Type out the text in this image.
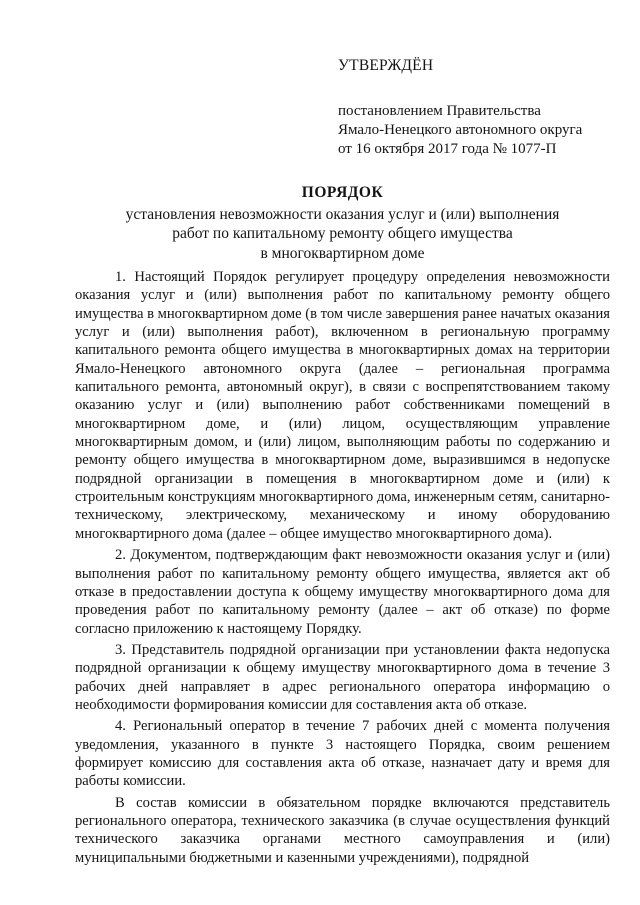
УТВЕРЖДЁН
постановлением Правительства
Ямало-Ненецкого автономного округа
от 16 октября 2017 года № 1077-П
ПОРЯДОК
установления невозможности оказания услуг и (или) выполнения
работ по капитальному ремонту общего имущества
в многоквартирном доме

1. Настоящий Порядок регулирует процедуру определения невозможности оказания услуг и (или) выполнения работ по капитальному ремонту общего имущества в многоквартирном доме (в том числе завершения ранее начатых оказания услуг и (или) выполнения работ), включенном в региональную программу капитального ремонта общего имущества в многоквартирных домах на территории Ямало-Ненецкого автономного округа (далее – региональная программа капитального ремонта, автономный округ), в связи с воспрепятствованием такому оказанию услуг и (или) выполнению работ собственниками помещений в многоквартирном доме, и (или) лицом, осуществляющим управление многоквартирным домом, и (или) лицом, выполняющим работы по содержанию и ремонту общего имущества в многоквартирном доме, выразившимся в недопуске подрядной организации в помещения в многоквартирном доме и (или) к строительным конструкциям многоквартирного дома, инженерным сетям, санитарно-техническому, электрическому, механическому и иному оборудованию многоквартирного дома (далее – общее имущество многоквартирного дома).

2. Документом, подтверждающим факт невозможности оказания услуг и (или) выполнения работ по капитальному ремонту общего имущества, является акт об отказе в предоставлении доступа к общему имуществу многоквартирного дома для проведения работ по капитальному ремонту (далее – акт об отказе) по форме согласно приложению к настоящему Порядку.

3. Представитель подрядной организации при установлении факта недопуска подрядной организации к общему имуществу многоквартирного дома в течение 3 рабочих дней направляет в адрес регионального оператора информацию о необходимости формирования комиссии для составления акта об отказе.

4. Региональный оператор в течение 7 рабочих дней с момента получения уведомления, указанного в пункте 3 настоящего Порядка, своим решением формирует комиссию для составления акта об отказе, назначает дату и время для работы комиссии.

В состав комиссии в обязательном порядке включаются представитель регионального оператора, технического заказчика (в случае осуществления функций технического заказчика органами местного самоуправления и (или) муниципальными бюджетными и казенными учреждениями), подрядной
